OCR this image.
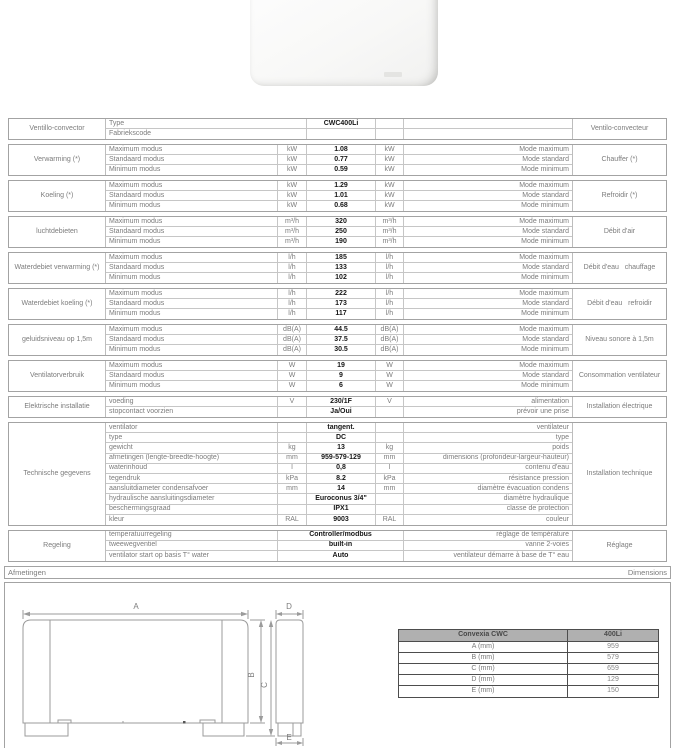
Ventillo-convector
Type	CWC400Li
Fabriekscode
Ventilo-convecteur
Verwarming (*)
Maximum modus	kW	1.08	kW	Mode maximum
Standaard modus	kW	0.77	kW	Mode standard
Minimum modus	kW	0.59	kW	Mode minimum
Chauffer (*)
Koeling (*)
Maximum modus	kW	1.29	kW	Mode maximum
Standaard modus	kW	1.01	kW	Mode standard
Minimum modus	kW	0.68	kW	Mode minimum
Refroidir (*)
luchtdebieten
Maximum modus	m³/h	320	m³/h	Mode maximum
Standaard modus	m³/h	250	m³/h	Mode standard
Minimum modus	m³/h	190	m³/h	Mode minimum
Débit d'air
Waterdebiet verwarming (*)
Maximum modus	l/h	185	l/h	Mode maximum
Standaard modus	l/h	133	l/h	Mode standard
Minimum modus	l/h	102	l/h	Mode minimum
Débit d'eau   chauffage
Waterdebiet koeling (*)
Maximum modus	l/h	222	l/h	Mode maximum
Standaard modus	l/h	173	l/h	Mode standard
Minimum modus	l/h	117	l/h	Mode minimum
Débit d'eau   refroidir
geluidsniveau op 1,5m
Maximum modus	dB(A)	44.5	dB(A)	Mode maximum
Standaard modus	dB(A)	37.5	dB(A)	Mode standard
Minimum modus	dB(A)	30.5	dB(A)	Mode minimum
Niveau sonore à 1,5m
Ventilatorverbruik
Maximum modus	W	19	W	Mode maximum
Standaard modus	W	9	W	Mode standard
Minimum modus	W	6	W	Mode minimum
Consommation ventilateur
Elektrische installatie
voeding	V	230/1F	V	alimentation
stopcontact voorzien	Ja/Oui	prévoir une prise
Installation électrique
Technische gegevens
ventilator	tangent.	ventilateur
type	DC	type
gewicht	kg	13	kg	poids
afmetingen (lengte-breedte-hoogte)	mm	959-579-129	mm	dimensions (profondeur-largeur-hauteur)
waterinhoud	l	0,8	l	contenu d'eau
tegendruk	kPa	8.2	kPa	résistance pression
aansluitdiameter condensafvoer	mm	14	mm	diamètre évacuation condens
hydraulische aansluitingsdiameter	Euroconus 3/4"	diamètre hydraulique
beschermingsgraad	IPX1	classe de protection
kleur	RAL	9003	RAL	couleur
Installation technique
Regeling
temperatuurregeling	Controller/modbus	réglage de température
tweewegventiel	built-in	vanne 2-voies
ventilator start op basis T° water	Auto	ventilateur démarre à base de T° eau
Réglage
Afmetingen	Dimensions
A	D
B
C
E
Convexia CWC	400Li
A (mm)	959
B (mm)	579
C (mm)	659
D (mm)	129
E (mm)	150
